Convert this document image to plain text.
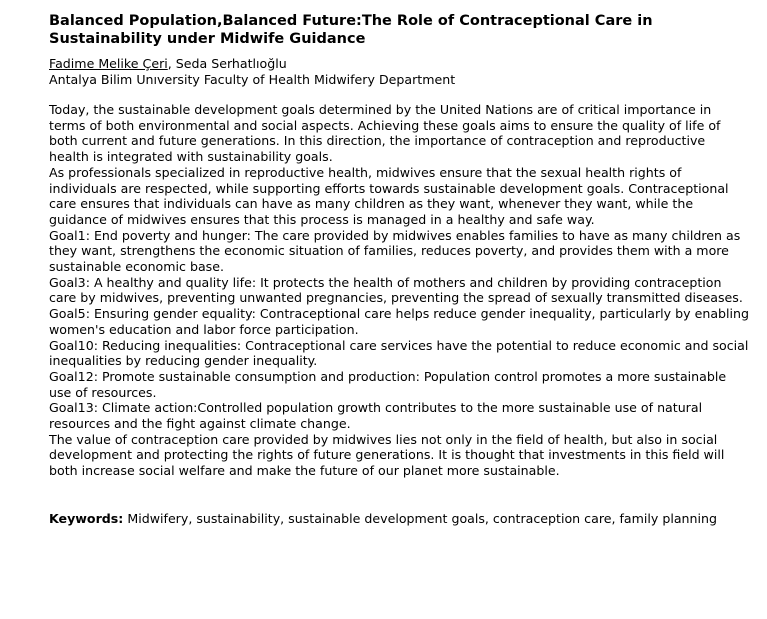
Balanced Population,Balanced Future:The Role of Contraceptional Care in Sustainability under Midwife Guidance
Fadime Melike Çeri, Seda Serhatlıoğlu
Antalya Bilim Unıversity Faculty of Health Midwifery Department

Today, the sustainable development goals determined by the United Nations are of critical importance in terms of both environmental and social aspects. Achieving these goals aims to ensure the quality of life of both current and future generations. In this direction, the importance of contraception and reproductive health is integrated with sustainability goals.

As professionals specialized in reproductive health, midwives ensure that the sexual health rights of individuals are respected, while supporting efforts towards sustainable development goals. Contraceptional care ensures that individuals can have as many children as they want, whenever they want, while the guidance of midwives ensures that this process is managed in a healthy and safe way.

Goal1: End poverty and hunger: The care provided by midwives enables families to have as many children as they want, strengthens the economic situation of families, reduces poverty, and provides them with a more sustainable economic base.

Goal3: A healthy and quality life: It protects the health of mothers and children by providing contraception care by midwives, preventing unwanted pregnancies, preventing the spread of sexually transmitted diseases.

Goal5: Ensuring gender equality: Contraceptional care helps reduce gender inequality, particularly by enabling women's education and labor force participation.

Goal10: Reducing inequalities: Contraceptional care services have the potential to reduce economic and social inequalities by reducing gender inequality.

Goal12: Promote sustainable consumption and production: Population control promotes a more sustainable use of resources.

Goal13: Climate action:Controlled population growth contributes to the more sustainable use of natural resources and the fight against climate change.

The value of contraception care provided by midwives lies not only in the field of health, but also in social development and protecting the rights of future generations. It is thought that investments in this field will both increase social welfare and make the future of our planet more sustainable.

Keywords: Midwifery, sustainability, sustainable development goals, contraception care, family planning
